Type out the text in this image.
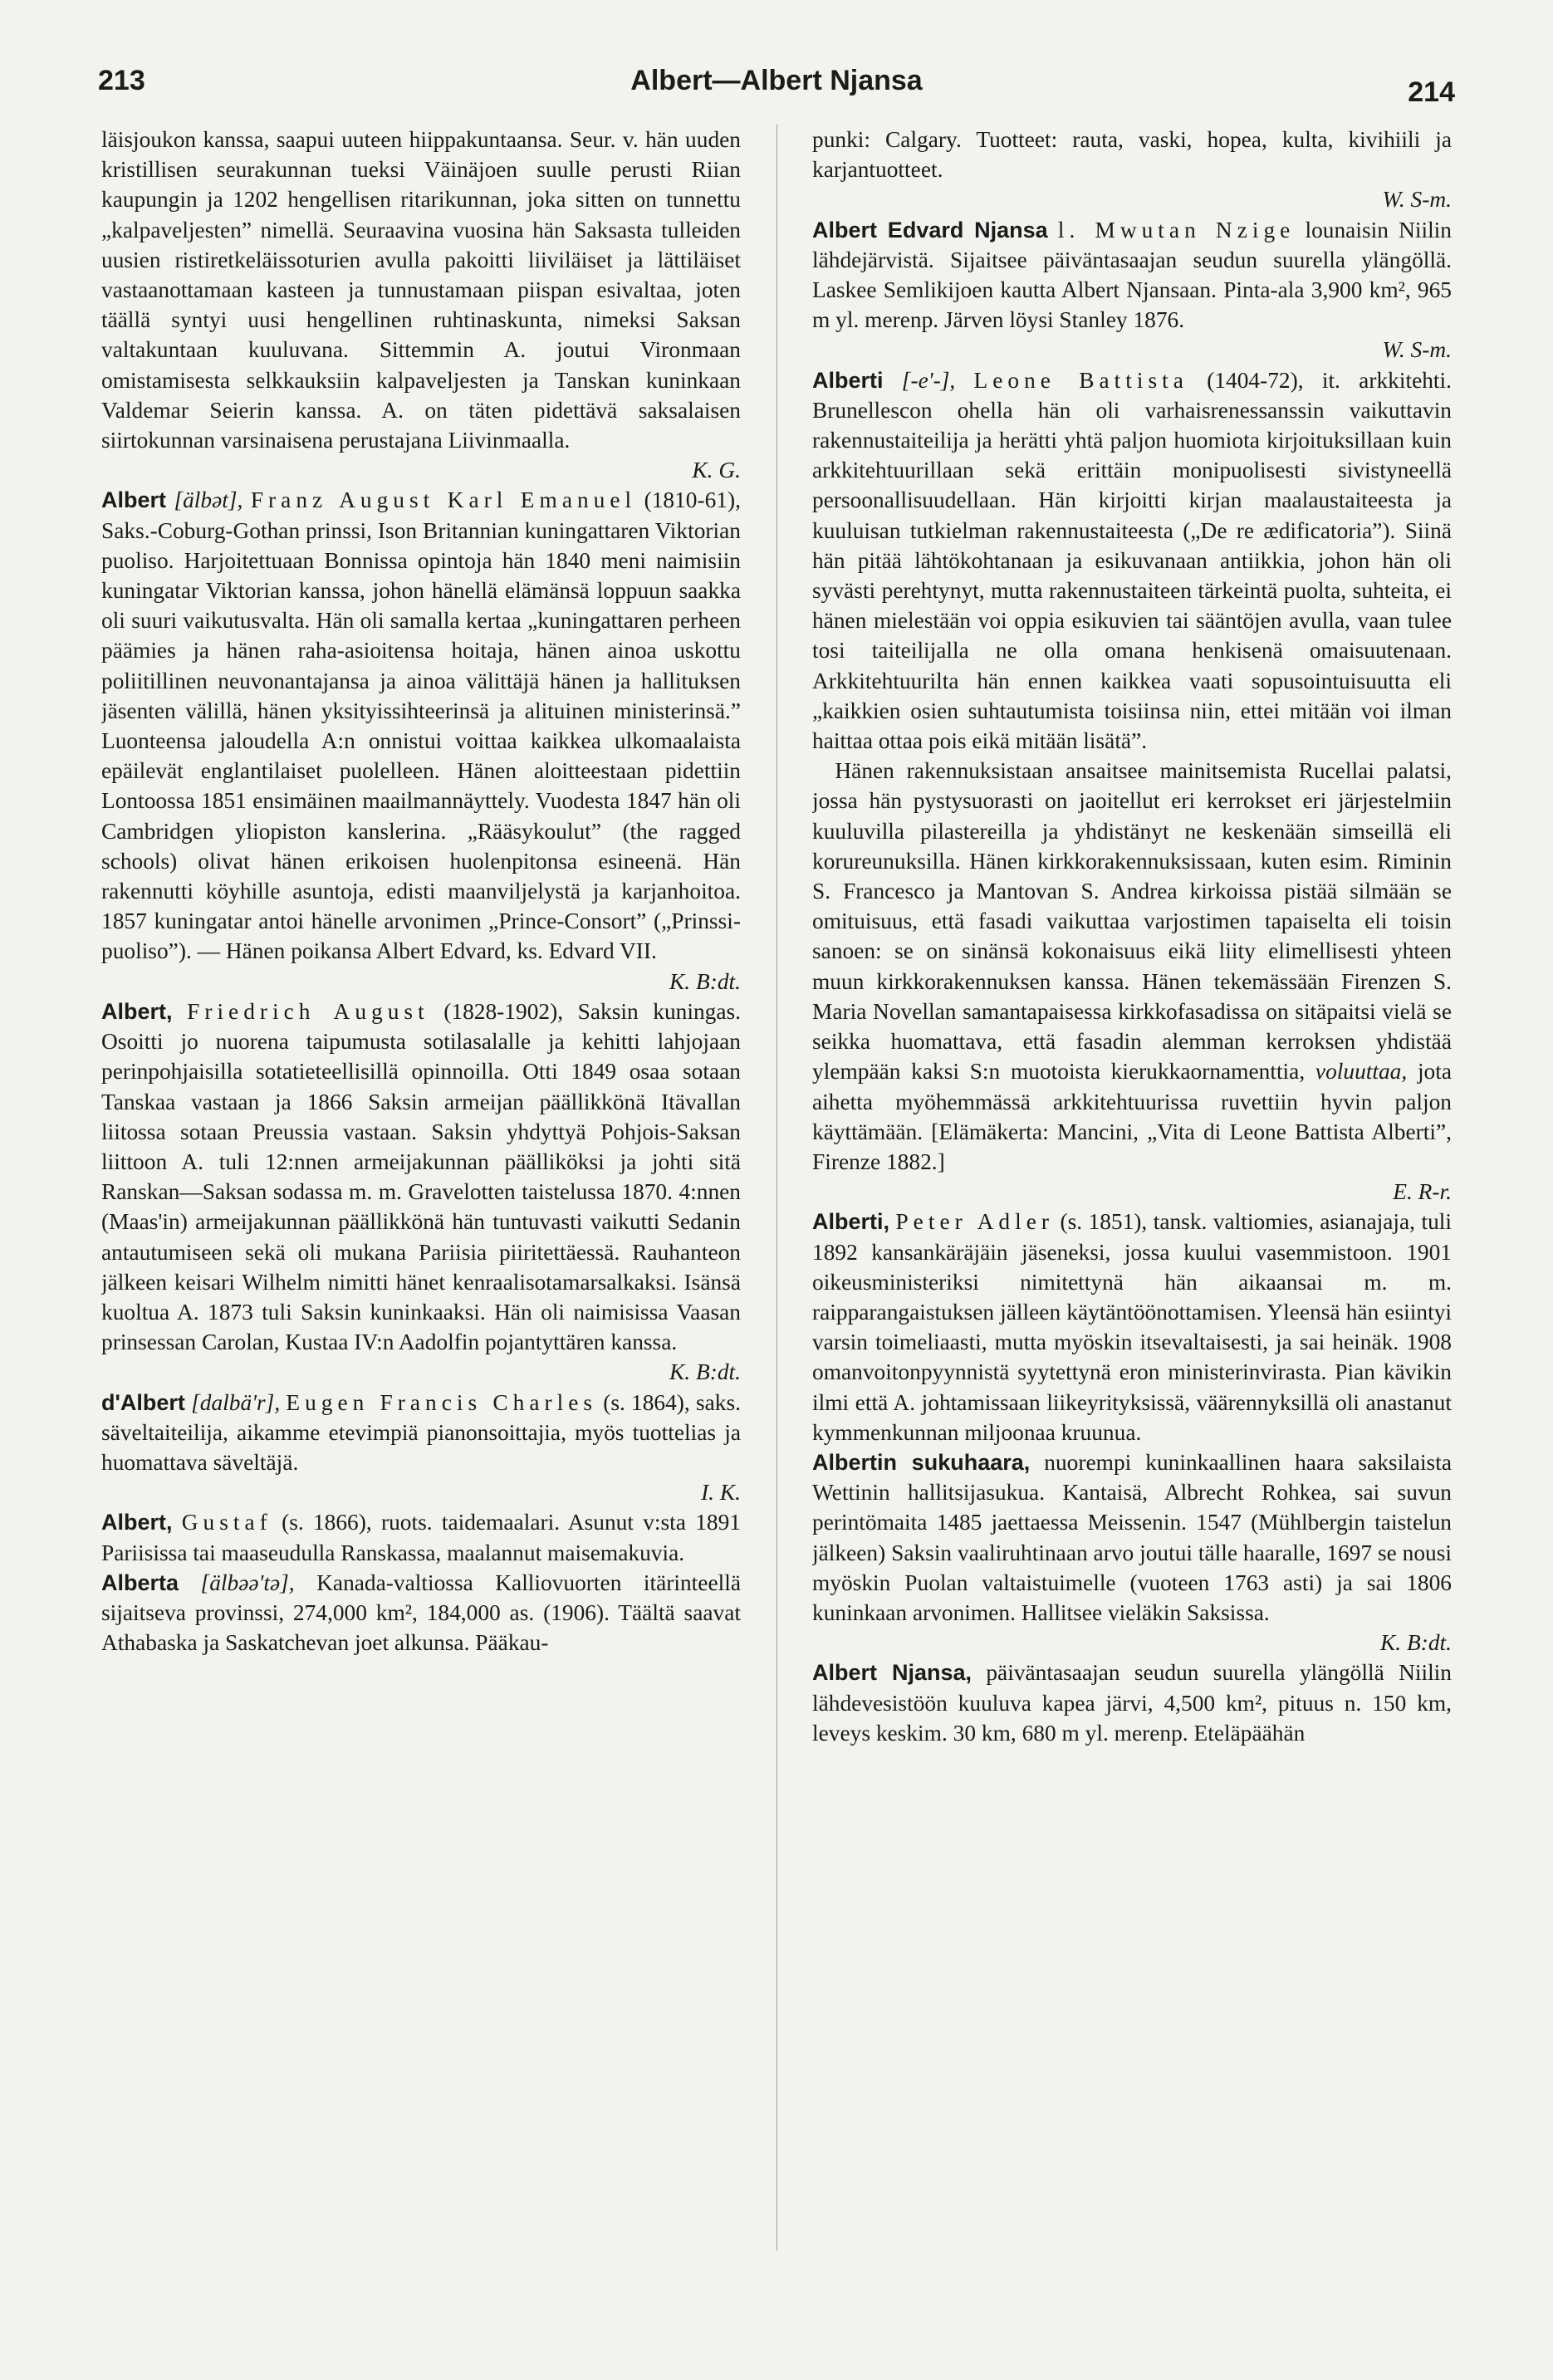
213	Albert—Albert Njansa	214

läisjoukon kanssa, saapui uuteen hiippakuntaansa. Seur. v. hän uuden kristillisen seurakunnan tueksi Väinäjoen suulle perusti Riian kaupungin ja 1202 hengellisen ritarikunnan, joka sitten on tunnettu „kalpaveljesten” nimellä. Seuraavina vuosina hän Saksasta tulleiden uusien ristiretkeläissoturien avulla pakoitti liiviläiset ja lättiläiset vastaanottamaan kasteen ja tunnustamaan piispan esivaltaa, joten täällä syntyi uusi hengellinen ruhtinaskunta, nimeksi Saksan valtakuntaan kuuluvana. Sittemmin A. joutui Vironmaan omistamisesta selkkauksiin kalpaveljesten ja Tanskan kuninkaan Valdemar Seierin kanssa. A. on täten pidettävä saksalaisen siirtokunnan varsinaisena perustajana Liivinmaalla.
K. G.

Albert [älbət], Franz August Karl Emanuel (1810-61), Saks.-Coburg-Gothan prinssi, Ison Britannian kuningattaren Viktorian puoliso. Harjoitettuaan Bonnissa opintoja hän 1840 meni naimisiin kuningatar Viktorian kanssa, johon hänellä elämänsä loppuun saakka oli suuri vaikutusvalta. Hän oli samalla kertaa „kuningattaren perheen päämies ja hänen raha-asioitensa hoitaja, hänen ainoa uskottu poliitillinen neuvonantajansa ja ainoa välittäjä hänen ja hallituksen jäsenten välillä, hänen yksityissihteerinsä ja alituinen ministerinsä.” Luonteensa jaloudella A:n onnistui voittaa kaikkea ulkomaalaista epäilevät englantilaiset puolelleen. Hänen aloitteestaan pidettiin Lontoossa 1851 ensimäinen maailmannäyttely. Vuodesta 1847 hän oli Cambridgen yliopiston kanslerina. „Rääsykoulut” (the ragged schools) olivat hänen erikoisen huolenpitonsa esineenä. Hän rakennutti köyhille asuntoja, edisti maanviljelystä ja karjanhoitoa. 1857 kuningatar antoi hänelle arvonimen „Prince-Consort” („Prinssi-puoliso”). — Hänen poikansa Albert Edvard, ks. Edvard VII.
K. B:dt.

Albert, Friedrich August (1828-1902), Saksin kuningas. Osoitti jo nuorena taipumusta sotilasalalle ja kehitti lahjojaan perinpohjaisilla sotatieteellisillä opinnoilla. Otti 1849 osaa sotaan Tanskaa vastaan ja 1866 Saksin armeijan päällikkönä Itävallan liitossa sotaan Preussia vastaan. Saksin yhdyttyä Pohjois-Saksan liittoon A. tuli 12:nnen armeijakunnan päälliköksi ja johti sitä Ranskan—Saksan sodassa m. m. Gravelotten taistelussa 1870. 4:nnen (Maas'in) armeijakunnan päällikkönä hän tuntuvasti vaikutti Sedanin antautumiseen sekä oli mukana Pariisia piiritettäessä. Rauhanteon jälkeen keisari Wilhelm nimitti hänet kenraalisotamarsalkaksi. Isänsä kuoltua A. 1873 tuli Saksin kuninkaaksi. Hän oli naimisissa Vaasan prinsessan Carolan, Kustaa IV:n Aadolfin pojantyttären kanssa.
K. B:dt.

d'Albert [dalbä'r], Eugen Francis Charles (s. 1864), saks. säveltaiteilija, aikamme etevimpiä pianonsoittajia, myös tuottelias ja huomattava säveltäjä.
I. K.

Albert, Gustaf (s. 1866), ruots. taidemaalari. Asunut v:sta 1891 Pariisissa tai maaseudulla Ranskassa, maalannut maisemakuvia.

Alberta [älbəə'tə], Kanada-valtiossa Kalliovuorten itärinteellä sijaitseva provinssi, 274,000 km², 184,000 as. (1906). Täältä saavat Athabaska ja Saskatchevan joet alkunsa. Pääkau-

punki: Calgary. Tuotteet: rauta, vaski, hopea, kulta, kivihiili ja karjantuotteet.
W. S-m.

Albert Edvard Njansa l. Mwutan Nzige lounaisin Niilin lähdejärvistä. Sijaitsee päiväntasaajan seudun suurella ylängöllä. Laskee Semlikijoen kautta Albert Njansaan. Pinta-ala 3,900 km², 965 m yl. merenp. Järven löysi Stanley 1876.
W. S-m.

Alberti [-e'-], Leone Battista (1404-72), it. arkkitehti. Brunellescon ohella hän oli varhaisrenessanssin vaikuttavin rakennustaiteilija ja herätti yhtä paljon huomiota kirjoituksillaan kuin arkkitehtuurillaan sekä erittäin monipuolisesti sivistyneellä persoonallisuudellaan. Hän kirjoitti kirjan maalaustaiteesta ja kuuluisan tutkielman rakennustaiteesta („De re ædificatoria”). Siinä hän pitää lähtökohtanaan ja esikuvanaan antiikkia, johon hän oli syvästi perehtynyt, mutta rakennustaiteen tärkeintä puolta, suhteita, ei hänen mielestään voi oppia esikuvien tai sääntöjen avulla, vaan tulee tosi taiteilijalla ne olla omana henkisenä omaisuutenaan. Arkkitehtuurilta hän ennen kaikkea vaati sopusointuisuutta eli „kaikkien osien suhtautumista toisiinsa niin, ettei mitään voi ilman haittaa ottaa pois eikä mitään lisätä”.

 Hänen rakennuksistaan ansaitsee mainitsemista Rucellai palatsi, jossa hän pystysuorasti on jaoitellut eri kerrokset eri järjestelmiin kuuluvilla pilastereilla ja yhdistänyt ne keskenään simseillä eli korureunuksilla. Hänen kirkkorakennuksissaan, kuten esim. Riminin S. Francesco ja Mantovan S. Andrea kirkoissa pistää silmään se omituisuus, että fasadi vaikuttaa varjostimen tapaiselta eli toisin sanoen: se on sinänsä kokonaisuus eikä liity elimellisesti yhteen muun kirkkorakennuksen kanssa. Hänen tekemässään Firenzen S. Maria Novellan samantapaisessa kirkkofasadissa on sitäpaitsi vielä se seikka huomattava, että fasadin alemman kerroksen yhdistää ylempään kaksi S:n muotoista kierukkaornamenttia, voluuttaa, jota aihetta myöhemmässä arkkitehtuurissa ruvettiin hyvin paljon käyttämään. [Elämäkerta: Mancini, „Vita di Leone Battista Alberti”, Firenze 1882.]
E. R-r.

Alberti, Peter Adler (s. 1851), tansk. valtiomies, asianajaja, tuli 1892 kansankäräjäin jäseneksi, jossa kuului vasemmistoon. 1901 oikeusministeriksi nimitettynä hän aikaansai m. m. raipparangaistuksen jälleen käytäntöönottamisen. Yleensä hän esiintyi varsin toimeliaasti, mutta myöskin itsevaltaisesti, ja sai heinäk. 1908 omanvoitonpyynnistä syytettynä eron ministerinvirasta. Pian kävikin ilmi että A. johtamissaan liikeyrityksissä, väärennyksillä oli anastanut kymmenkunnan miljoonaa kruunua.

Albertin sukuhaara, nuorempi kuninkaallinen haara saksilaista Wettinin hallitsijasukua. Kantaisä, Albrecht Rohkea, sai suvun perintömaita 1485 jaettaessa Meissenin. 1547 (Mühlbergin taistelun jälkeen) Saksin vaaliruhtinaan arvo joutui tälle haaralle, 1697 se nousi myöskin Puolan valtaistuimelle (vuoteen 1763 asti) ja sai 1806 kuninkaan arvonimen. Hallitsee vieläkin Saksissa.
K. B:dt.

Albert Njansa, päiväntasaajan seudun suurella ylängöllä Niilin lähdevesistöön kuuluva kapea järvi, 4,500 km², pituus n. 150 km, leveys keskim. 30 km, 680 m yl. merenp. Eteläpäähän
